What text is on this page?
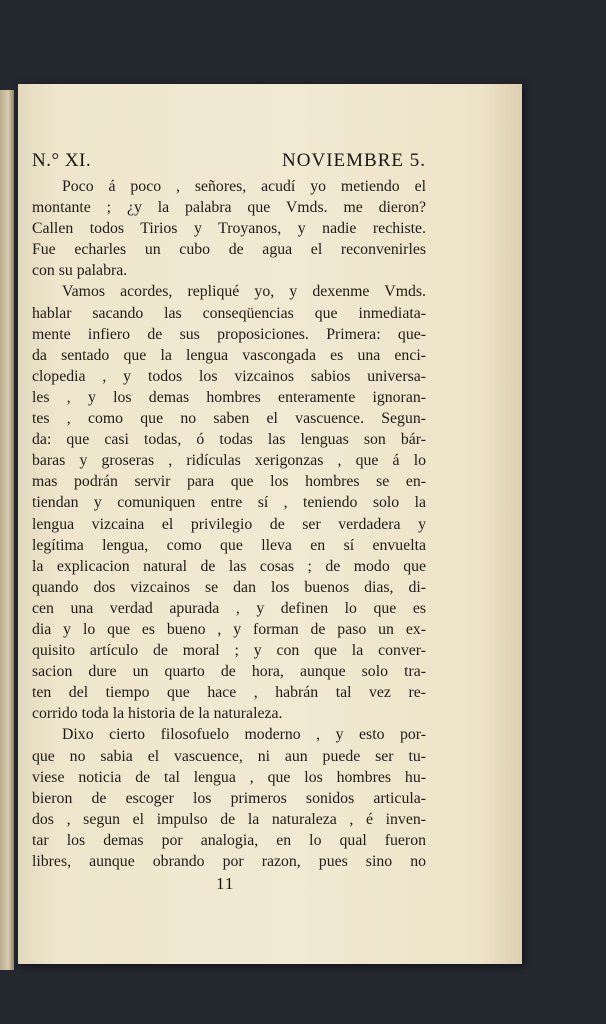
N.° XI.	NOVIEMBRE 5.
Poco á poco , señores, acudí yo metiendo el
montante ; ¿y la palabra que Vmds. me dieron?
Callen todos Tirios y Troyanos, y nadie rechiste.
Fue echarles un cubo de agua el reconvenirles
con su palabra.
Vamos acordes, repliqué yo, y dexenme Vmds.
hablar sacando las conseqüencias que inmediata-
mente infiero de sus proposiciones. Primera: que-
da sentado que la lengua vascongada es una enci-
clopedia , y todos los vizcainos sabios universa-
les , y los demas hombres enteramente ignoran-
tes , como que no saben el vascuence. Segun-
da: que casi todas, ó todas las lenguas son bár-
baras y groseras , ridículas xerigonzas , que á lo
mas podrán servir para que los hombres se en-
tiendan y comuniquen entre sí , teniendo solo la
lengua vizcaina el privilegio de ser verdadera y
legítima lengua, como que lleva en sí envuelta
la explicacion natural de las cosas ; de modo que
quando dos vizcainos se dan los buenos dias, di-
cen una verdad apurada , y definen lo que es
dia y lo que es bueno , y forman de paso un ex-
quisito artículo de moral ; y con que la conver-
sacion dure un quarto de hora, aunque solo tra-
ten del tiempo que hace , habrán tal vez re-
corrido toda la historia de la naturaleza.
Dixo cierto filosofuelo moderno , y esto por-
que no sabia el vascuence, ni aun puede ser tu-
viese noticia de tal lengua , que los hombres hu-
bieron de escoger los primeros sonidos articula-
dos , segun el impulso de la naturaleza , é inven-
tar los demas por analogia, en lo qual fueron
libres, aunque obrando por razon, pues sino no
11
